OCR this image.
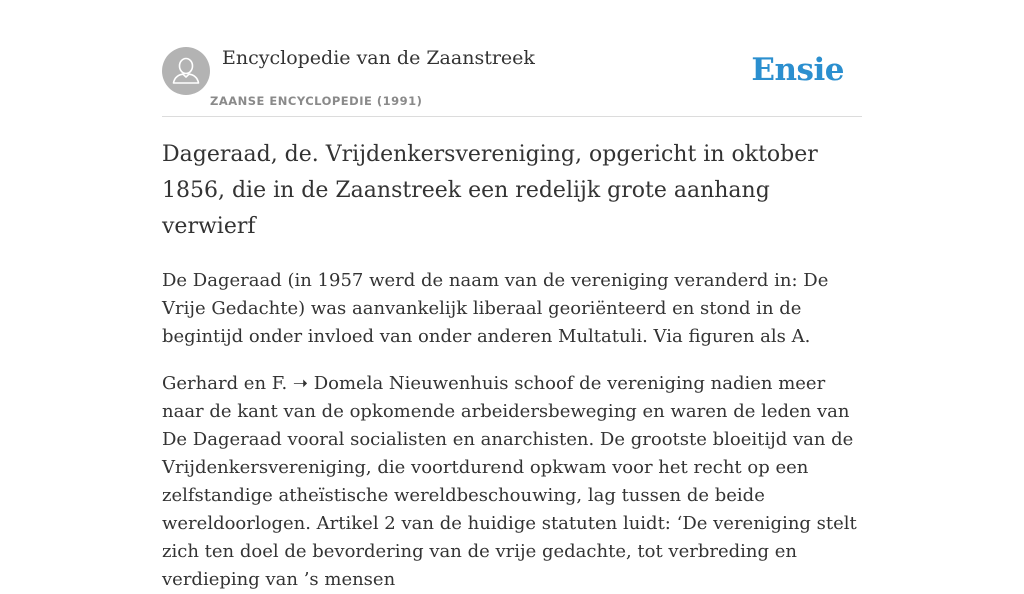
Encyclopedie van de Zaanstreek
ZAANSE ENCYCLOPEDIE (1991)
Ensie
Dageraad, de. Vrijdenkersvereniging, opgericht in oktober 1856, die in de Zaanstreek een redelijk grote aanhang verwierf

De Dageraad (in 1957 werd de naam van de vereniging veranderd in: De Vrije Gedachte) was aanvankelijk liberaal georiënteerd en stond in de begintijd onder invloed van onder anderen Multatuli. Via figuren als A.

Gerhard en F. ➝ Domela Nieuwenhuis schoof de vereniging nadien meer naar de kant van de opkomende arbeidersbeweging en waren de leden van De Dageraad vooral socialisten en anarchisten. De grootste bloeitijd van de Vrijdenkersvereniging, die voortdurend opkwam voor het recht op een zelfstandige atheïstische wereldbeschouwing, lag tussen de beide wereldoorlogen. Artikel 2 van de huidige statuten luidt: ‘De vereniging stelt zich ten doel de bevordering van de vrije gedachte, tot verbreding en verdieping van ’s mensen
